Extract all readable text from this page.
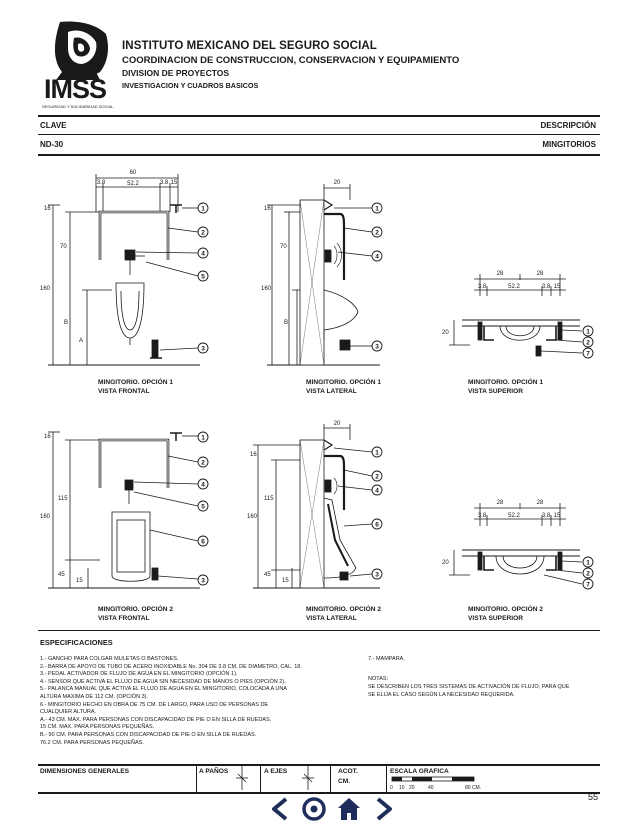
IMSS
SEGURIDAD Y SOLIDARIDAD SOCIAL
INSTITUTO MEXICANO DEL SEGURO SOCIAL
COORDINACION DE CONSTRUCCION, CONSERVACION Y EQUIPAMIENTO
DIVISION DE PROYECTOS
INVESTIGACION Y CUADROS BASICOS
CLAVE	DESCRIPCIÓN
ND-30	MINGITORIOS
60
3.8	52.2	3.8 15
16
70
160
B
A
20
16
70
160
B
28	28
3.8	52.2	3.8 15
20
16
115
160
45
15
20
16
115
160
45
15
28	28
3.8	52.2	3.8 15
20
1
2
4
5
3
1
2
4
3
1
2
7
1
2
4
5
6
3
1
2
4
6
3
1
2
7
MINGITORIO. OPCIÓN 1
VISTA FRONTAL
MINGITORIO. OPCIÓN 1
VISTA LATERAL
MINGITORIO. OPCIÓN 1
VISTA SUPERIOR
MINGITORIO. OPCIÓN 2
VISTA FRONTAL
MINGITORIO. OPCIÓN 2
VISTA LATERAL
MINGITORIO. OPCIÓN 2
VISTA SUPERIOR
ESPECIFICACIONES
1.- GANCHO PARA COLGAR MULETAS O BASTONES.
2.- BARRA DE APOYO DE TUBO DE ACERO INOXIDABLE No. 304 DE 3.8 CM. DE DIAMETRO, CAL. 18.
3.- PEDAL ACTIVADOR DE FLUJO DE AGUA EN EL MINGITORIO (OPCIÓN 1).
4.- SENSOR QUE ACTIVA EL FLUJO DE AGUA SIN NECESIDAD DE MANOS O PIES (OPCIÓN 2).
5.- PALANCA MANUAL QUE ACTIVA EL FLUJO DE AGUA EN EL MINGITORIO, COLOCADA A UNA
ALTURA MAXIMA DE 112 CM. (OPCIÓN 3).
6.- MINGITORIO HECHO EN OBRA DE 75 CM. DE LARGO, PARA USO DE PERSONAS DE
CUALQUIER ALTURA.
A.- 43 CM. MAX. PARA PERSONAS CON DISCAPACIDAD DE PIE O EN SILLA DE RUEDAS.
15 CM. MAX. PARA PERSONAS PEQUEÑAS.
B.- 90 CM. PARA PERSONAS CON DISCAPACIDAD DE PIE O EN SILLA DE RUEDAS.
76.2 CM. PARA PERSONAS PEQUEÑAS.
7.- MAMPARA.
NOTAS:
SE DESCRIBEN LOS TRES SISTEMAS DE ACTIVACIÓN DE FLUJO, PARA QUE
SE ELIJA EL CASO SEGÚN LA NECESIDAD REQUERIDA.
DIMENSIONES GENERALES	A PAÑOS	A EJES	ACOT.
CM.
ESCALA GRAFICA
0 10 20	40	80 CM.
55
